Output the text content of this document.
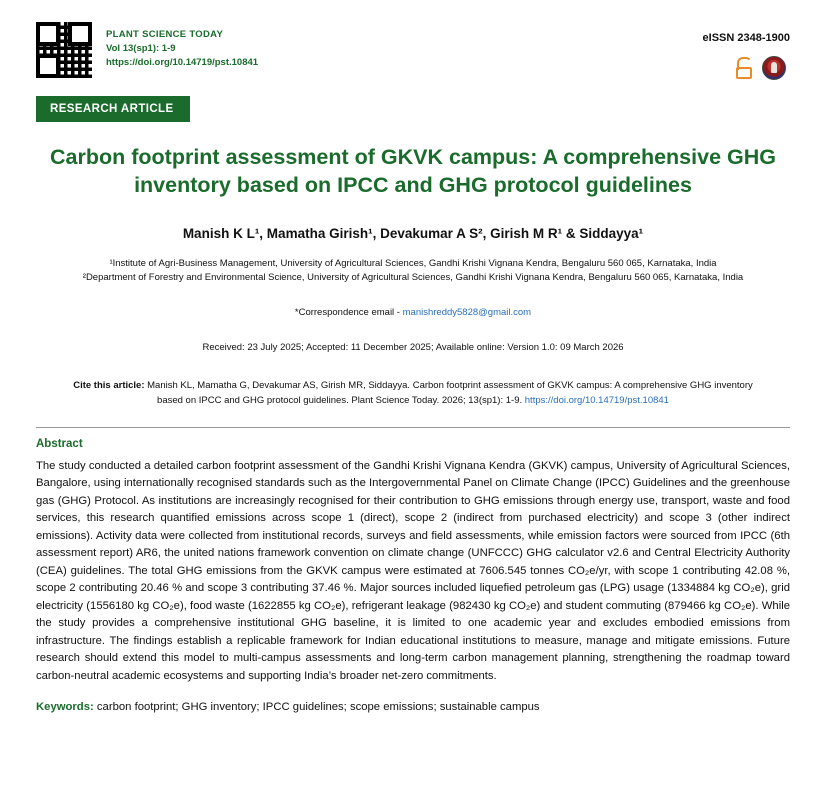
PLANT SCIENCE TODAY
Vol 13(sp1): 1-9
https://doi.org/10.14719/pst.10841
eISSN 2348-1900
RESEARCH ARTICLE
Carbon footprint assessment of GKVK campus: A comprehensive GHG inventory based on IPCC and GHG protocol guidelines
Manish K L¹, Mamatha Girish¹, Devakumar A S², Girish M R¹ & Siddayya¹
¹Institute of Agri-Business Management, University of Agricultural Sciences, Gandhi Krishi Vignana Kendra, Bengaluru 560 065, Karnataka, India
²Department of Forestry and Environmental Science, University of Agricultural Sciences, Gandhi Krishi Vignana Kendra, Bengaluru 560 065, Karnataka, India
*Correspondence email - manishreddy5828@gmail.com
Received: 23 July 2025; Accepted: 11 December 2025; Available online: Version 1.0: 09 March 2026
Cite this article: Manish KL, Mamatha G, Devakumar AS, Girish MR, Siddayya. Carbon footprint assessment of GKVK campus: A comprehensive GHG inventory based on IPCC and GHG protocol guidelines. Plant Science Today. 2026; 13(sp1): 1-9. https://doi.org/10.14719/pst.10841
Abstract

The study conducted a detailed carbon footprint assessment of the Gandhi Krishi Vignana Kendra (GKVK) campus, University of Agricultural Sciences, Bangalore, using internationally recognised standards such as the Intergovernmental Panel on Climate Change (IPCC) Guidelines and the greenhouse gas (GHG) Protocol. As institutions are increasingly recognised for their contribution to GHG emissions through energy use, transport, waste and food services, this research quantified emissions across scope 1 (direct), scope 2 (indirect from purchased electricity) and scope 3 (other indirect emissions). Activity data were collected from institutional records, surveys and field assessments, while emission factors were sourced from IPCC (6th assessment report) AR6, the united nations framework convention on climate change (UNFCCC) GHG calculator v2.6 and Central Electricity Authority (CEA) guidelines. The total GHG emissions from the GKVK campus were estimated at 7606.545 tonnes CO₂e/yr, with scope 1 contributing 42.08 %, scope 2 contributing 20.46 % and scope 3 contributing 37.46 %. Major sources included liquefied petroleum gas (LPG) usage (1334884 kg CO₂e), grid electricity (1556180 kg CO₂e), food waste (1622855 kg CO₂e), refrigerant leakage (982430 kg CO₂e) and student commuting (879466 kg CO₂e). While the study provides a comprehensive institutional GHG baseline, it is limited to one academic year and excludes embodied emissions from infrastructure. The findings establish a replicable framework for Indian educational institutions to measure, manage and mitigate emissions. Future research should extend this model to multi-campus assessments and long-term carbon management planning, strengthening the roadmap toward carbon-neutral academic ecosystems and supporting India’s broader net-zero commitments.

Keywords: carbon footprint; GHG inventory; IPCC guidelines; scope emissions; sustainable campus
